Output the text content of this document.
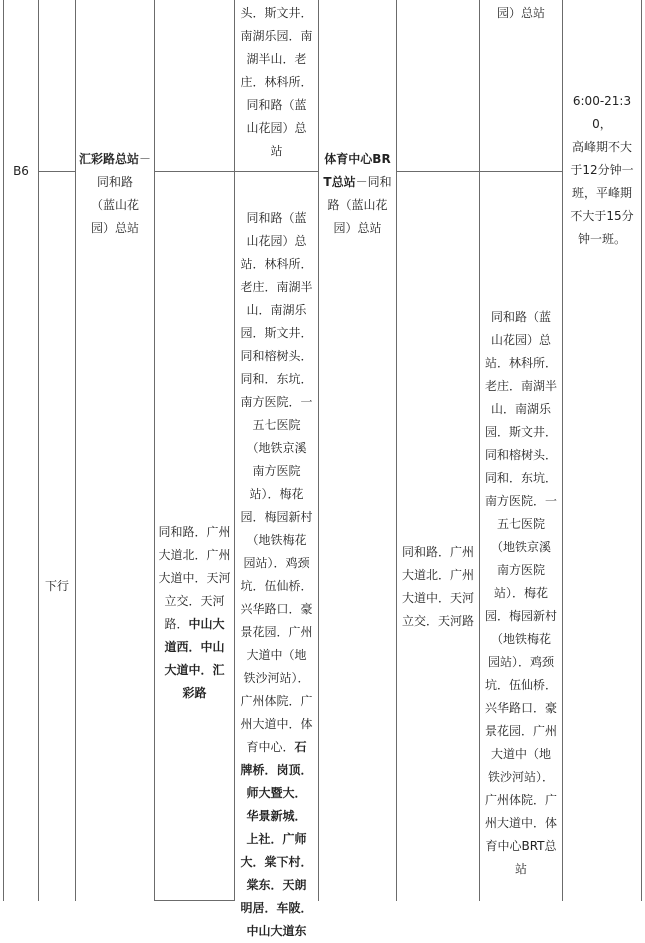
B6
下行

汇彩路总站－同和路
（蓝山花
园）总站

头．斯文井．
南湖乐园．南
湖半山．老
庄．林科所．
同和路（蓝
山花园）总
站

体育中心BR
T总站－同和
路（蓝山花
园）总站

园）总站
6:00-21:3
0，
高峰期不大
于12分钟一
班，平峰期
不大于15分
钟一班。

同和路．广州
大道北．广州
大道中．天河
立交．天河
路．中山大
道西．中山
大道中．汇
彩路

同和路（蓝
山花园）总
站．林科所．
老庄．南湖半
山．南湖乐
园．斯文井．
同和榕树头．
同和．东坑．
南方医院．一
五七医院
（地铁京溪
南方医院
站）．梅花
园．梅园新村
（地铁梅花
园站）．鸡颈
坑．伍仙桥．
兴华路口．豪
景花园．广州
大道中（地
铁沙河站）．
广州体院．广
州大道中．体
育中心．石
牌桥．岗顶．
师大暨大．
华景新城．
上社．广师
大．棠下村．
棠东．天朗
明居．车陂．
中山大道东

同和路．广州
大道北．广州
大道中．天河
立交．天河路
同和路（蓝
山花园）总
站．林科所．
老庄．南湖半
山．南湖乐
园．斯文井．
同和榕树头．
同和．东坑．
南方医院．一
五七医院
（地铁京溪
南方医院
站）．梅花
园．梅园新村
（地铁梅花
园站）．鸡颈
坑．伍仙桥．
兴华路口．豪
景花园．广州
大道中（地
铁沙河站）．
广州体院．广
州大道中．体
育中心BRT总
站
